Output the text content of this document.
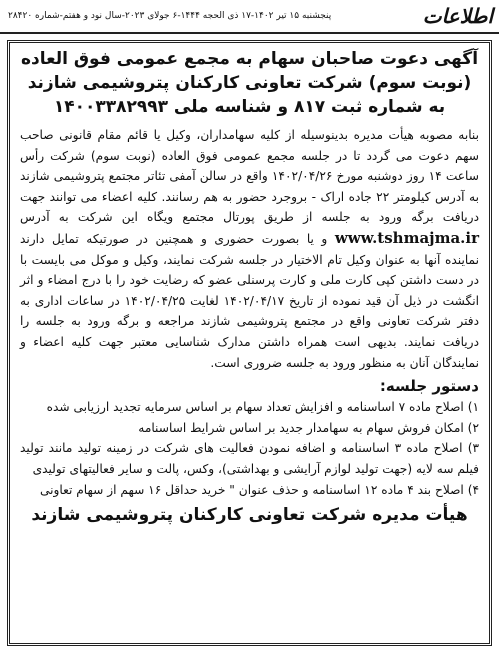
اطلاعات
پنجشنبه ۱۵ تیر ۱۴۰۲-۱۷ ذی الحجه ۱۴۴۴-۶ جولای ۲۰۲۳-سال نود و هفتم-شماره ۲۸۴۲۰
آگهی دعوت صاحبان سهام به مجمع عمومی فوق العاده
(نوبت سوم) شرکت تعاونی کارکنان پتروشیمی شازند
به شماره ثبت ۸۱۷ و شناسه ملی ۱۴۰۰۳۳۸۲۹۹۳

بنابه مصوبه هیأت مدیره بدینوسیله از کلیه سهامداران، وکیل یا قائم مقام قانونی صاحب سهم دعوت می گردد تا در جلسه مجمع عمومی فوق العاده (نوبت سوم) شرکت رأس ساعت ۱۴ روز دوشنبه مورخ ۱۴۰۲/۰۴/۲۶ واقع در سالن آمفی تئاتر مجتمع پتروشیمی شازند به آدرس کیلومتر ۲۲ جاده اراک - بروجرد حضور به هم رسانند. کلیه اعضاء می توانند جهت دریافت برگه ورود به جلسه از طریق پورتال مجتمع ویگاه این شرکت به آدرس www.tshmajma.ir و یا بصورت حضوری و همچنین در صورتیکه تمایل دارند نماینده آنها به عنوان وکیل تام الاختیار در جلسه شرکت نمایند، وکیل و موکل می بایست با در دست داشتن کپی کارت ملی و کارت پرسنلی عضو که رضایت خود را با درج امضاء و اثر انگشت در ذیل آن قید نموده از تاریخ ۱۴۰۲/۰۴/۱۷ لغایت ۱۴۰۲/۰۴/۲۵ در ساعات اداری به دفتر شرکت تعاونی واقع در مجتمع پتروشیمی شازند مراجعه و برگه ورود به جلسه را دریافت نمایند. بدیهی است همراه داشتن مدارک شناسایی معتبر جهت کلیه اعضاء و نمایندگان آنان به منظور ورود به جلسه ضروری است.

دستور جلسه:
۱) اصلاح ماده ۷ اساسنامه و افزایش تعداد سهام بر اساس سرمایه تجدید ارزیابی شده
۲) امکان فروش سهام به سهامدار جدید بر اساس شرایط اساسنامه
۳) اصلاح ماده ۳ اساسنامه و اضافه نمودن فعالیت های شرکت در زمینه تولید مانند تولید فیلم سه لایه (جهت تولید لوازم آرایشی و بهداشتی)، وکس، پالت و سایر فعالیتهای تولیدی
۴) اصلاح بند ۴ ماده ۱۲ اساسنامه و حذف عنوان " خرید حداقل ۱۶ سهم از سهام تعاونی
هیأت مدیره شرکت تعاونی کارکنان پتروشیمی شازند
